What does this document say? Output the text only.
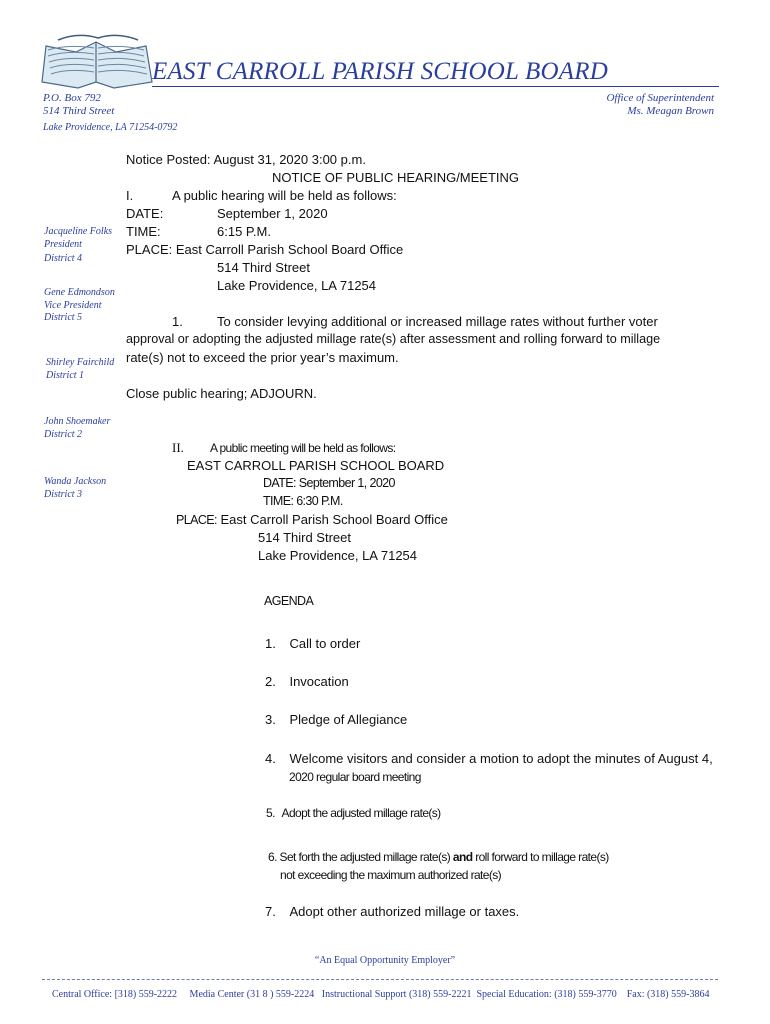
EAST CARROLL PARISH SCHOOL BOARD
P.O. Box 792
514 Third Street
Lake Providence, LA 71254-0792
Office of Superintendent
Ms. Meagan Brown
Jacqueline Folks
President
District 4
Gene Edmondson
Vice President
District 5
Shirley Fairchild
District 1
John Shoemaker
District 2
Wanda Jackson
District 3
Notice Posted: August 31, 2020 3:00 p.m.
NOTICE OF PUBLIC HEARING/MEETING
I.	A public hearing will be held as follows:
DATE:	September 1, 2020
TIME:	6:15 P.M.
PLACE: East Carroll Parish School Board Office
514 Third Street
Lake Providence, LA 71254
1.	To consider levying additional or increased millage rates without further voter
approval or adopting the adjusted millage rate(s) after assessment and rolling forward to millage
rate(s) not to exceed the prior year’s maximum.
Close public hearing; ADJOURN.
II. A public meeting will be held as follows:
EAST CARROLL PARISH SCHOOL BOARD
DATE: September 1, 2020
TIME: 6:30 P.M.
PLACE: East Carroll Parish School Board Office
514 Third Street
Lake Providence, LA 71254
AGENDA
1. Call to order
2. Invocation
3. Pledge of Allegiance
4. Welcome visitors and consider a motion to adopt the minutes of August 4,
2020 regular board meeting
5. Adopt the adjusted millage rate(s)
6. Set forth the adjusted millage rate(s) and roll forward to millage rate(s)
not exceeding the maximum authorized rate(s)
7. Adopt other authorized millage or taxes.
“An Equal Opportunity Employer”
Central Office: [318) 559-2222     Media Center (31 8 ) 559-2224   Instructional Support (318) 559-2221  Special Education: (318) 559-3770    Fax: (318) 559-3864
